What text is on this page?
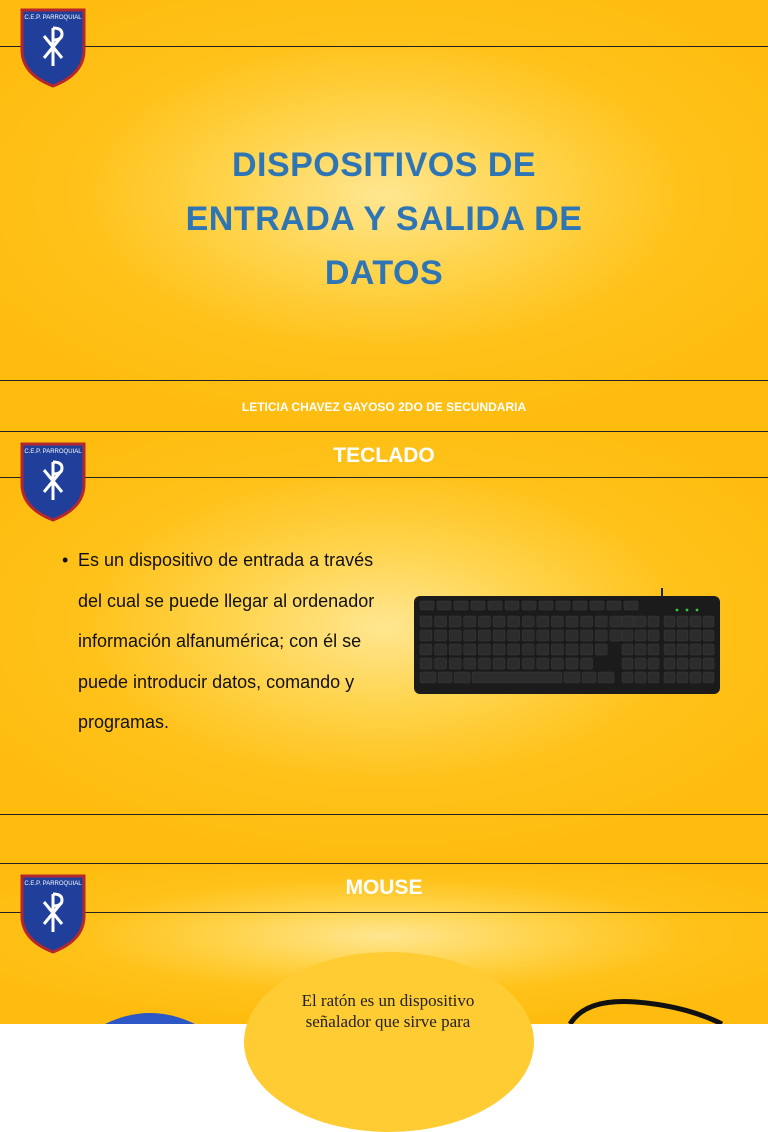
C.E.P. PARROQUIAL
DISPOSITIVOS DE ENTRADA Y SALIDA DE DATOS
LETICIA CHAVEZ GAYOSO 2DO DE SECUNDARIA
C.E.P. PARROQUIAL	TECLADO
• Es un dispositivo de entrada a través del cual se puede llegar al ordenador información alfanumérica; con él se puede introducir datos, comando y programas.
C.E.P. PARROQUIAL	MOUSE
El ratón es un dispositivo señalador que sirve para
